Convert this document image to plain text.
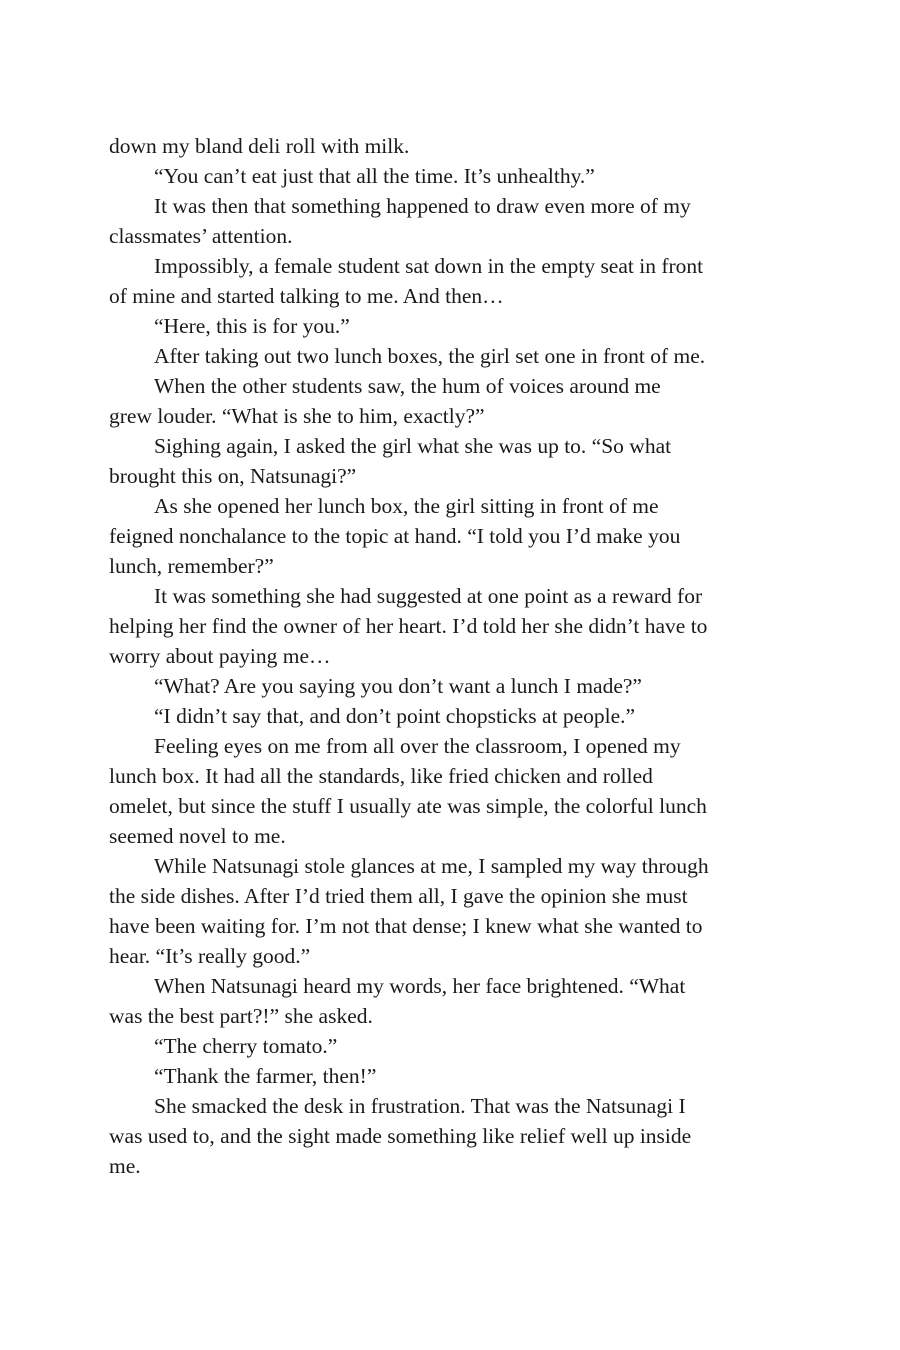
down my bland deli roll with milk.

“You can’t eat just that all the time. It’s unhealthy.”

It was then that something happened to draw even more of my classmates’ attention.

Impossibly, a female student sat down in the empty seat in front of mine and started talking to me. And then…

“Here, this is for you.”

After taking out two lunch boxes, the girl set one in front of me.

When the other students saw, the hum of voices around me grew louder. “What is she to him, exactly?”

Sighing again, I asked the girl what she was up to. “So what brought this on, Natsunagi?”

As she opened her lunch box, the girl sitting in front of me feigned nonchalance to the topic at hand. “I told you I’d make you lunch, remember?”

It was something she had suggested at one point as a reward for helping her find the owner of her heart. I’d told her she didn’t have to worry about paying me…

“What? Are you saying you don’t want a lunch I made?”

“I didn’t say that, and don’t point chopsticks at people.”

Feeling eyes on me from all over the classroom, I opened my lunch box. It had all the standards, like fried chicken and rolled omelet, but since the stuff I usually ate was simple, the colorful lunch seemed novel to me.

While Natsunagi stole glances at me, I sampled my way through the side dishes. After I’d tried them all, I gave the opinion she must have been waiting for. I’m not that dense; I knew what she wanted to hear. “It’s really good.”

When Natsunagi heard my words, her face brightened. “What was the best part?!” she asked.

“The cherry tomato.”

“Thank the farmer, then!”

She smacked the desk in frustration. That was the Natsunagi I was used to, and the sight made something like relief well up inside me.
